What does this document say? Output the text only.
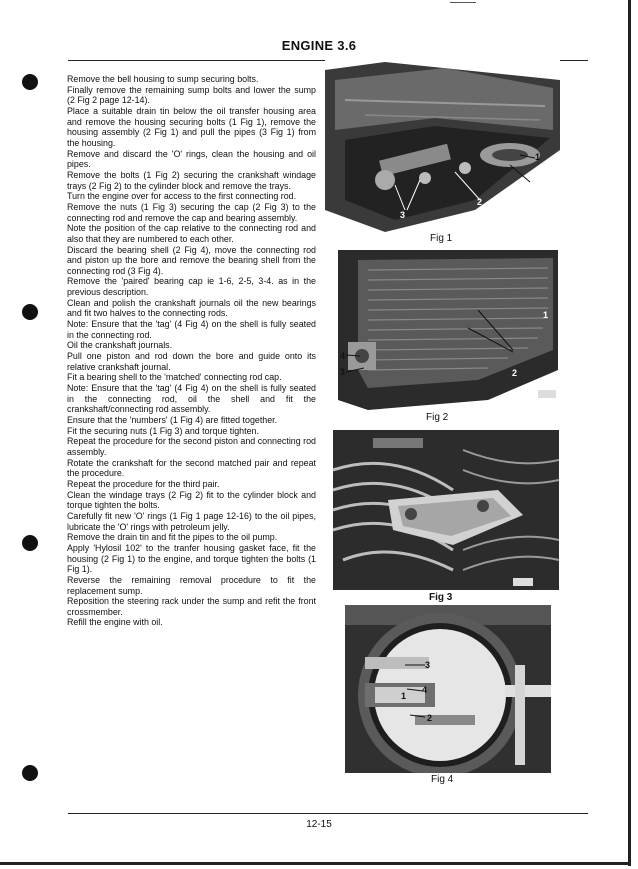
ENGINE 3.6

Remove the bell housing to sump securing bolts.

Finally remove the remaining sump bolts and lower the sump (2 Fig 2 page 12-14).

Place a suitable drain tin below the oil transfer housing area and remove the housing securing bolts (1 Fig 1), remove the housing assembly (2 Fig 1) and pull the pipes (3 Fig 1) from the housing.

Remove and discard the 'O' rings, clean the housing and oil pipes.

Remove the bolts (1 Fig 2) securing the crankshaft windage trays (2 Fig 2) to the cylinder block and remove the trays.

Turn the engine over for access to the first connecting rod.

Remove the nuts (1 Fig 3) securing the cap (2 Fig 3) to the connecting rod and remove the cap and bearing assembly.

Note the position of the cap relative to the connecting rod and also that they are numbered to each other.

Discard the bearing shell (2 Fig 4), move the connecting rod and piston up the bore and remove the bearing shell from the connecting rod (3 Fig 4).

Remove the 'paired' bearing cap ie 1-6, 2-5, 3-4. as in the previous description.

Clean and polish the crankshaft journals oil the new bearings and fit two halves to the connecting rods.

Note: Ensure that the 'tag' (4 Fig 4) on the shell is fully seated in the connecting rod.

Oil the crankshaft journals.

Pull one piston and rod down the bore and guide onto its relative crankshaft journal.

Fit a bearing shell to the 'matched' connecting rod cap.

Note: Ensure that the 'tag' (4 Fig 4) on the shell is fully seated in the connecting rod, oil the shell and fit the crankshaft/connecting rod assembly.

Ensure that the 'numbers' (1 Fig 4) are fitted together.

Fit the securing nuts (1 Fig 3) and torque tighten.

Repeat the procedure for the second piston and connecting rod assembly.

Rotate the crankshaft for the second matched pair and repeat the procedure.

Repeat the procedure for the third pair.

Clean the windage trays (2 Fig 2) fit to the cylinder block and torque tighten the bolts.

Carefully fit new 'O' rings (1 Fig 1 page 12-16) to the oil pipes, lubricate the 'O' rings with petroleum jelly.

Remove the drain tin and fit the pipes to the oil pump.

Apply 'Hylosil 102' to the tranfer housing gasket face, fit the housing (2 Fig 1) to the engine, and torque tighten the bolts (1 Fig 1).

Reverse the remaining removal procedure to fit the replacement sump.

Reposition the steering rack under the sump and refit the front crossmember.

Refill the engine with oil.

3
2
1
5
Fig 1
4
3	2
1
Fig 2
Fig 3
3
4
1
2
Fig 4
12-15
